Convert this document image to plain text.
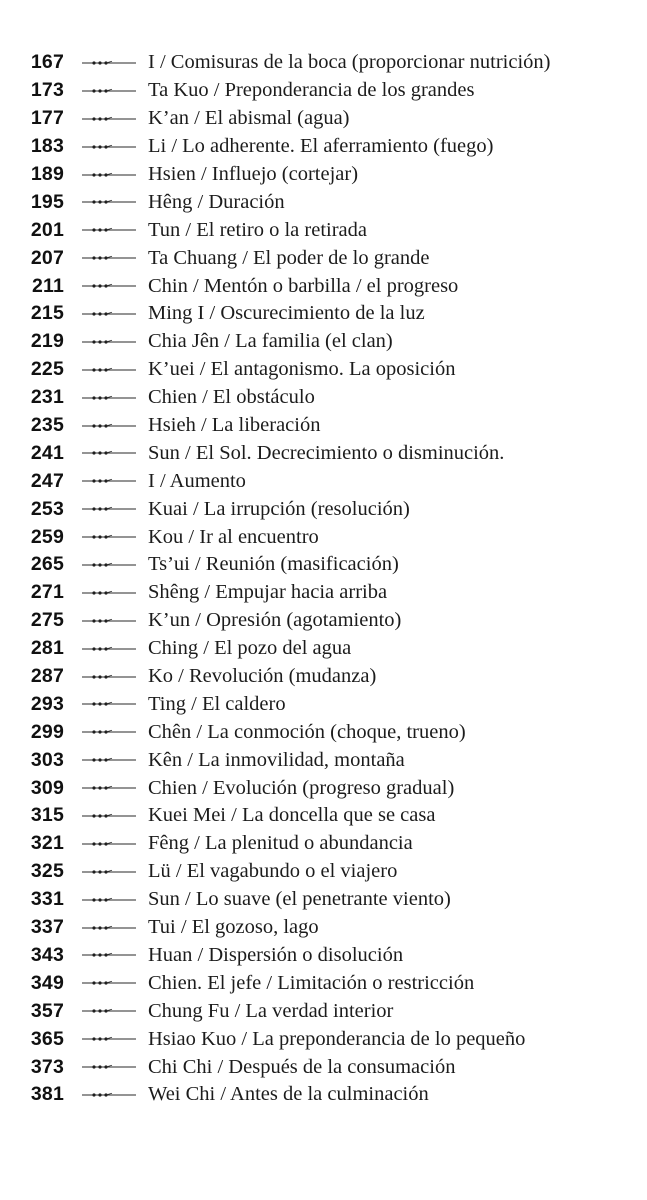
167	I / Comisuras de la boca (proporcionar nutrición)
173	Ta Kuo / Preponderancia de los grandes
177	K’an / El abismal (agua)
183	Li / Lo adherente. El aferramiento (fuego)
189	Hsien / Influejo (cortejar)
195	Hêng / Duración
201	Tun / El retiro o la retirada
207	Ta Chuang / El poder de lo grande
211	Chin / Mentón o barbilla / el progreso
215	Ming I / Oscurecimiento de la luz
219	Chia Jên / La familia (el clan)
225	K’uei / El antagonismo. La oposición
231	Chien / El obstáculo
235	Hsieh / La liberación
241	Sun / El Sol. Decrecimiento o disminución.
247	I / Aumento
253	Kuai / La irrupción (resolución)
259	Kou / Ir al encuentro
265	Ts’ui / Reunión (masificación)
271	Shêng / Empujar hacia arriba
275	K’un / Opresión (agotamiento)
281	Ching / El pozo del agua
287	Ko / Revolución (mudanza)
293	Ting / El caldero
299	Chên / La conmoción (choque, trueno)
303	Kên / La inmovilidad, montaña
309	Chien / Evolución (progreso gradual)
315	Kuei Mei / La doncella que se casa
321	Fêng / La plenitud o abundancia
325	Lü / El vagabundo o el viajero
331	Sun / Lo suave (el penetrante viento)
337	Tui / El gozoso, lago
343	Huan / Dispersión o disolución
349	Chien. El jefe / Limitación o restricción
357	Chung Fu / La verdad interior
365	Hsiao Kuo / La preponderancia de lo pequeño
373	Chi Chi / Después de la consumación
381	Wei Chi / Antes de la culminación
